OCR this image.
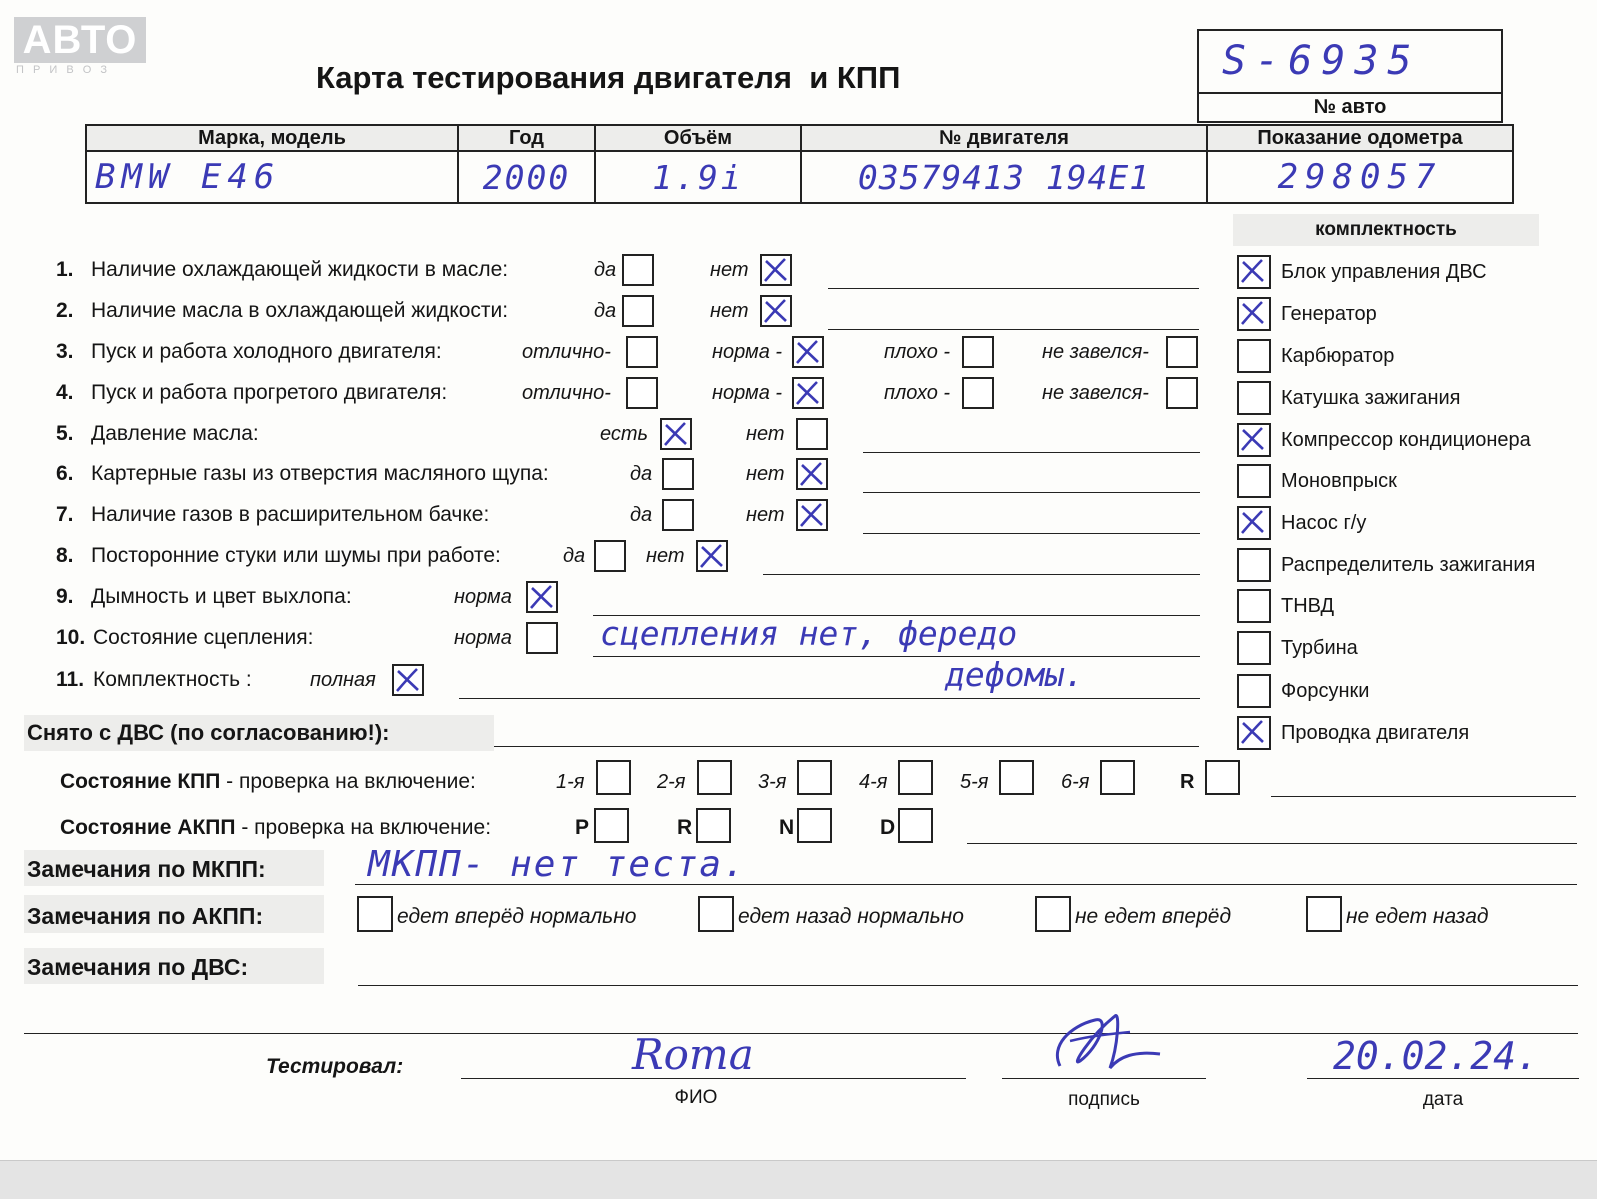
АВТО
П Р И В О З	Карта тестирования двигателя  и КПП	S-6935
№ авто
Марка, модель	Год	Объём	№ двигателя	Показание одометра
BMW E46	2000	1.9i	03579413 194E1	298057
комплектность
1. Наличие охлаждающей жидкости в масле:	да	нет
2. Наличие масла в охлаждающей жидкости:	да	нет
3. Пуск и работа холодного двигателя:	отлично-	норма -	плохо -	не завелся-
4. Пуск и работа прогретого двигателя:	отлично-	норма -	плохо -	не завелся-
5. Давление масла:	есть	нет
6. Картерные газы из отверстия масляного щупа:	да	нет
7. Наличие газов в расширительном бачке:	да	нет
8. Посторонние стуки или шумы при работе:	да	нет
9. Дымность и цвет выхлопа:	норма
10. Состояние сцепления:	норма	сцепления нет, фередо
дефомы.
11. Комплектность :	полная
Блок управления ДВС
Генератор
Карбюратор
Катушка зажигания
Компрессор кондиционера
Моновпрыск
Насос г/у
Распределитель зажигания
ТНВД
Турбина
Форсунки
Проводка двигателя
Снято с ДВС (по согласованию!):
Состояние КПП - проверка на включение:	1-я	2-я	3-я	4-я	5-я	6-я	R
Состояние АКПП - проверка на включение:	P	R	N	D
Замечания по МКПП:	МКПП- нет теста.
Замечания по АКПП:	едет вперёд нормально	едет назад нормально	не едет вперёд	не едет назад
Замечания по ДВС:
Тестировал:	Roma
ФИО	подпись
20.02.24.
дата
